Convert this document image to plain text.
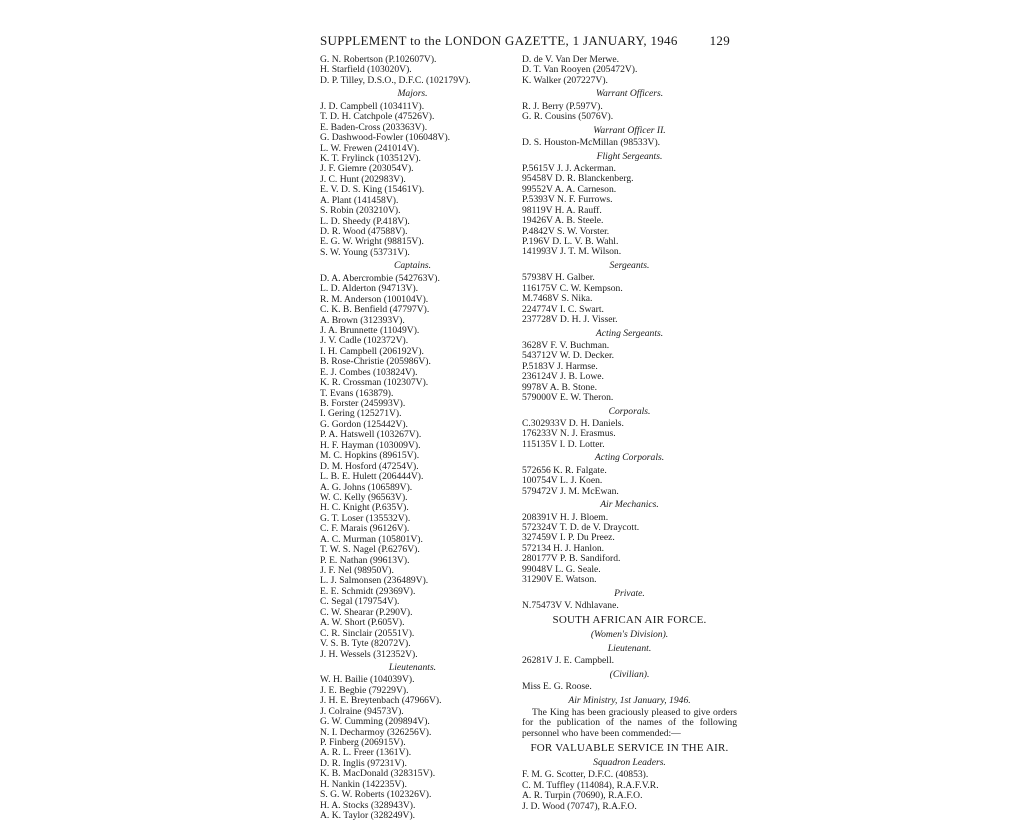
SUPPLEMENT to the LONDON GAZETTE, 1 JANUARY, 1946 129
G. N. Robertson (P.102607V).
H. Starfield (103020V).
D. P. Tilley, D.S.O., D.F.C. (102179V).
Majors.
J. D. Campbell (103411V).
T. D. H. Catchpole (47526V).
E. Baden-Cross (203363V).
G. Dashwood-Fowler (106048V).
L. W. Frewen (241014V).
K. T. Frylinck (103512V).
J. F. Giemre (203054V).
J. C. Hunt (202983V).
E. V. D. S. King (15461V).
A. Plant (141458V).
S. Robin (203210V).
L. D. Sheedy (P.418V).
D. R. Wood (47588V).
E. G. W. Wright (98815V).
S. W. Young (53731V).
Captains.
D. A. Abercrombie (542763V).
L. D. Alderton (94713V).
R. M. Anderson (100104V).
C. K. B. Benfield (47797V).
A. Brown (312393V).
J. A. Brunnette (11049V).
J. V. Cadle (102372V).
I. H. Campbell (206192V).
B. Rose-Christie (205986V).
E. J. Combes (103824V).
K. R. Crossman (102307V).
T. Evans (163879).
B. Forster (245993V).
I. Gering (125271V).
G. Gordon (125442V).
P. A. Hatswell (103267V).
H. F. Hayman (103009V).
M. C. Hopkins (89615V).
D. M. Hosford (47254V).
L. B. E. Hulett (206444V).
A. G. Johns (106589V).
W. C. Kelly (96563V).
H. C. Knight (P.635V).
G. T. Loser (135532V).
C. F. Marais (96126V).
A. C. Murman (105801V).
T. W. S. Nagel (P.6276V).
P. E. Nathan (99613V).
J. F. Nel (98950V).
L. J. Salmonsen (236489V).
E. E. Schmidt (29369V).
C. Segal (179754V).
C. W. Shearar (P.290V).
A. W. Short (P.605V).
C. R. Sinclair (20551V).
V. S. B. Tyte (82072V).
J. H. Wessels (312352V).
Lieutenants.
W. H. Bailie (104039V).
J. E. Begbie (79229V).
J. H. E. Breytenbach (47966V).
J. Colraine (94573V).
G. W. Cumming (209894V).
N. I. Decharmoy (326256V).
P. Finberg (206915V).
A. R. L. Freer (1361V).
D. R. Inglis (97231V).
K. B. MacDonald (328315V).
H. Nankin (142235V).
S. G. W. Roberts (102326V).
H. A. Stocks (328943V).
A. K. Taylor (328249V).
D. de V. Van Der Merwe.
D. T. Van Rooyen (205472V).
K. Walker (207227V).
Warrant Officers.
R. J. Berry (P.597V).
G. R. Cousins (5076V).
Warrant Officer II.
D. S. Houston-McMillan (98533V).
Flight Sergeants.
P.5615V J. J. Ackerman.
95458V D. R. Blanckenberg.
99552V A. A. Carneson.
P.5393V N. F. Furrows.
98119V H. A. Rauff.
19426V A. B. Steele.
P.4842V S. W. Vorster.
P.196V D. L. V. B. Wahl.
141993V J. T. M. Wilson.
Sergeants.
57938V H. Galber.
116175V C. W. Kempson.
M.7468V S. Nika.
224774V I. C. Swart.
237728V D. H. J. Visser.
Acting Sergeants.
3628V F. V. Buchman.
543712V W. D. Decker.
P.5183V J. Harmse.
236124V J. B. Lowe.
9978V A. B. Stone.
579000V E. W. Theron.
Corporals.
C.302933V D. H. Daniels.
176233V N. J. Erasmus.
115135V I. D. Lotter.
Acting Corporals.
572656 K. R. Falgate.
100754V L. J. Koen.
579472V J. M. McEwan.
Air Mechanics.
208391V H. J. Bloem.
572324V T. D. de V. Draycott.
327459V I. P. Du Preez.
572134 H. J. Hanlon.
280177V P. B. Sandiford.
99048V L. G. Seale.
31290V E. Watson.
Private.
N.75473V V. Ndhlavane.
SOUTH AFRICAN AIR FORCE.
(Women's Division).
Lieutenant.
26281V J. E. Campbell.
(Civilian).
Miss E. G. Roose.
Air Ministry, 1st January, 1946.
The King has been graciously pleased to give orders for the publication of the names of the following personnel who have been commended:—
FOR VALUABLE SERVICE IN THE AIR.
Squadron Leaders.
F. M. G. Scotter, D.F.C. (40853).
C. M. Tuffley (114084), R.A.F.V.R.
A. R. Turpin (70690), R.A.F.O.
J. D. Wood (70747), R.A.F.O.
